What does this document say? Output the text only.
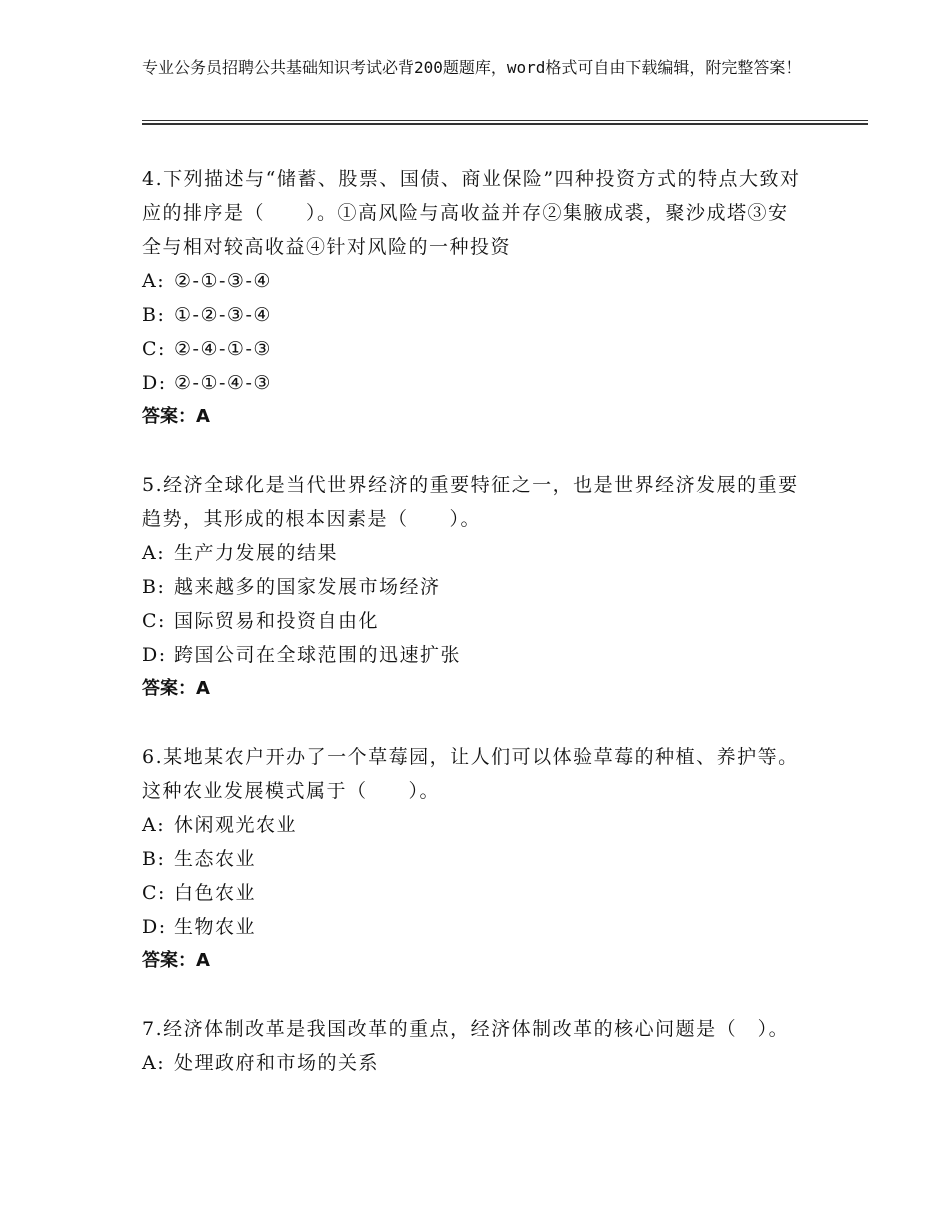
专业公务员招聘公共基础知识考试必背200题题库，word格式可自由下载编辑，附完整答案！
4.下列描述与“储蓄、股票、国债、商业保险”四种投资方式的特点大致对应的排序是（　　）。①高风险与高收益并存②集腋成裘，聚沙成塔③安全与相对较高收益④针对风险的一种投资
A: ②-①-③-④
B: ①-②-③-④
C: ②-④-①-③
D: ②-①-④-③
答案：A
5.经济全球化是当代世界经济的重要特征之一，也是世界经济发展的重要趋势，其形成的根本因素是（　　）。
A: 生产力发展的结果
B: 越来越多的国家发展市场经济
C: 国际贸易和投资自由化
D: 跨国公司在全球范围的迅速扩张
答案：A
6.某地某农户开办了一个草莓园，让人们可以体验草莓的种植、养护等。这种农业发展模式属于（　　）。
A: 休闲观光农业
B: 生态农业
C: 白色农业
D: 生物农业
答案：A
7.经济体制改革是我国改革的重点，经济体制改革的核心问题是（　）。
A: 处理政府和市场的关系
